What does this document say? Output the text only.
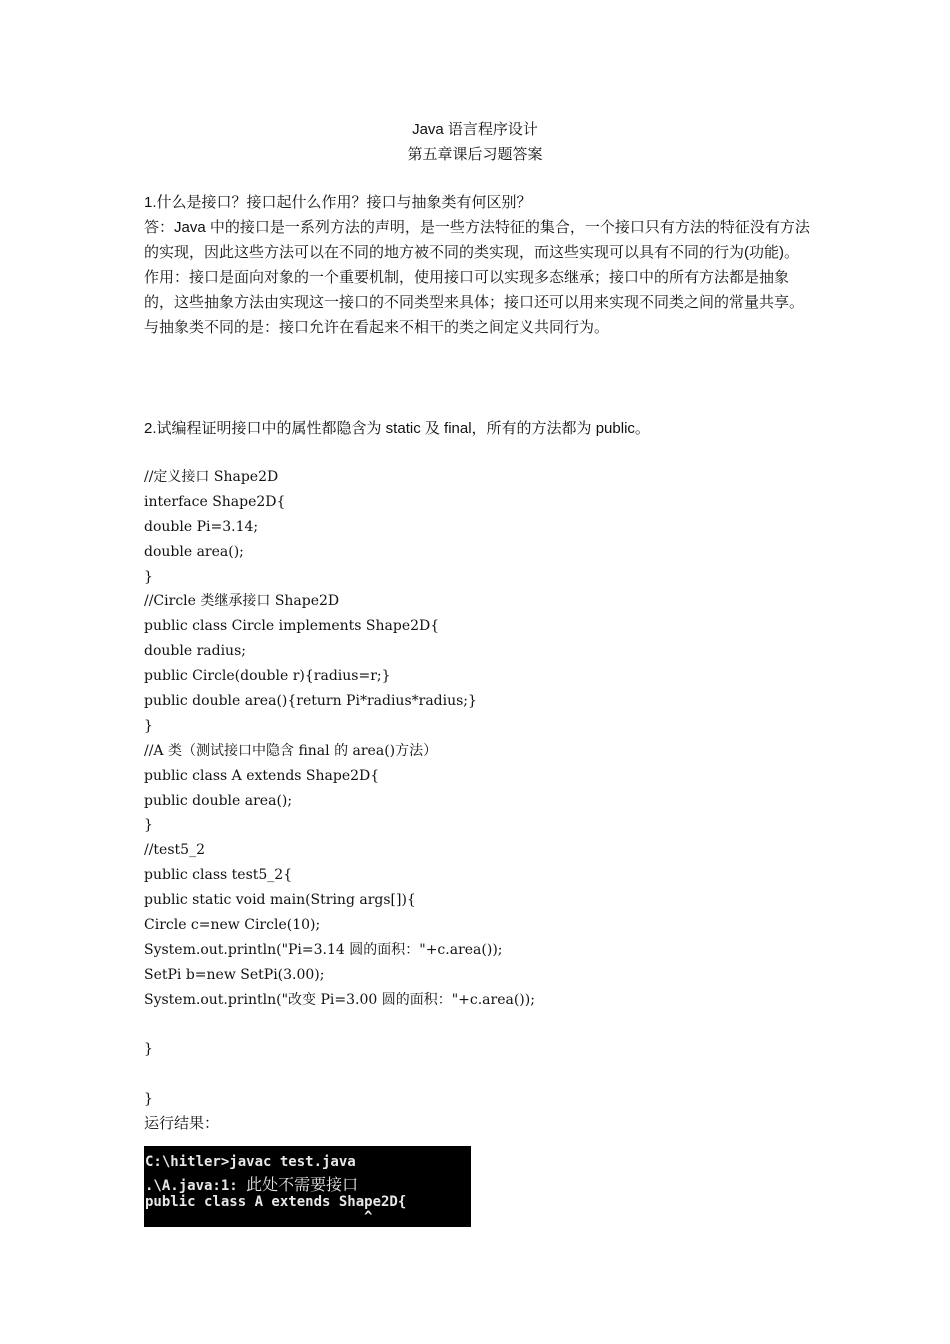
Java 语言程序设计
第五章课后习题答案

1.什么是接口？接口起什么作用？接口与抽象类有何区别？

答：Java 中的接口是一系列方法的声明，是一些方法特征的集合，一个接口只有方法的特征没有方法的实现，因此这些方法可以在不同的地方被不同的类实现，而这些实现可以具有不同的行为(功能)。

作用：接口是面向对象的一个重要机制，使用接口可以实现多态继承；接口中的所有方法都是抽象的，这些抽象方法由实现这一接口的不同类型来具体；接口还可以用来实现不同类之间的常量共享。

与抽象类不同的是：接口允许在看起来不相干的类之间定义共同行为。

2.试编程证明接口中的属性都隐含为 static 及 final，所有的方法都为 public。

//定义接口 Shape2D
interface Shape2D{
double Pi=3.14;
double area();
}
//Circle 类继承接口 Shape2D
public class Circle implements Shape2D{
double radius;
public Circle(double r){radius=r;}
public double area(){return Pi*radius*radius;}
}
//A 类（测试接口中隐含 final 的 area()方法）
public class A extends Shape2D{
public double area();
}
//test5_2
public class test5_2{
public static void main(String args[]){
Circle c=new Circle(10);
System.out.println("Pi=3.14 圆的面积："+c.area());
SetPi b=new SetPi(3.00);
System.out.println("改变 Pi=3.00 圆的面积："+c.area());
}
}
运行结果：
C:\hitler>javac test.java
.\A.java:1: 此处不需要接口
public class A extends Shape2D{
^
